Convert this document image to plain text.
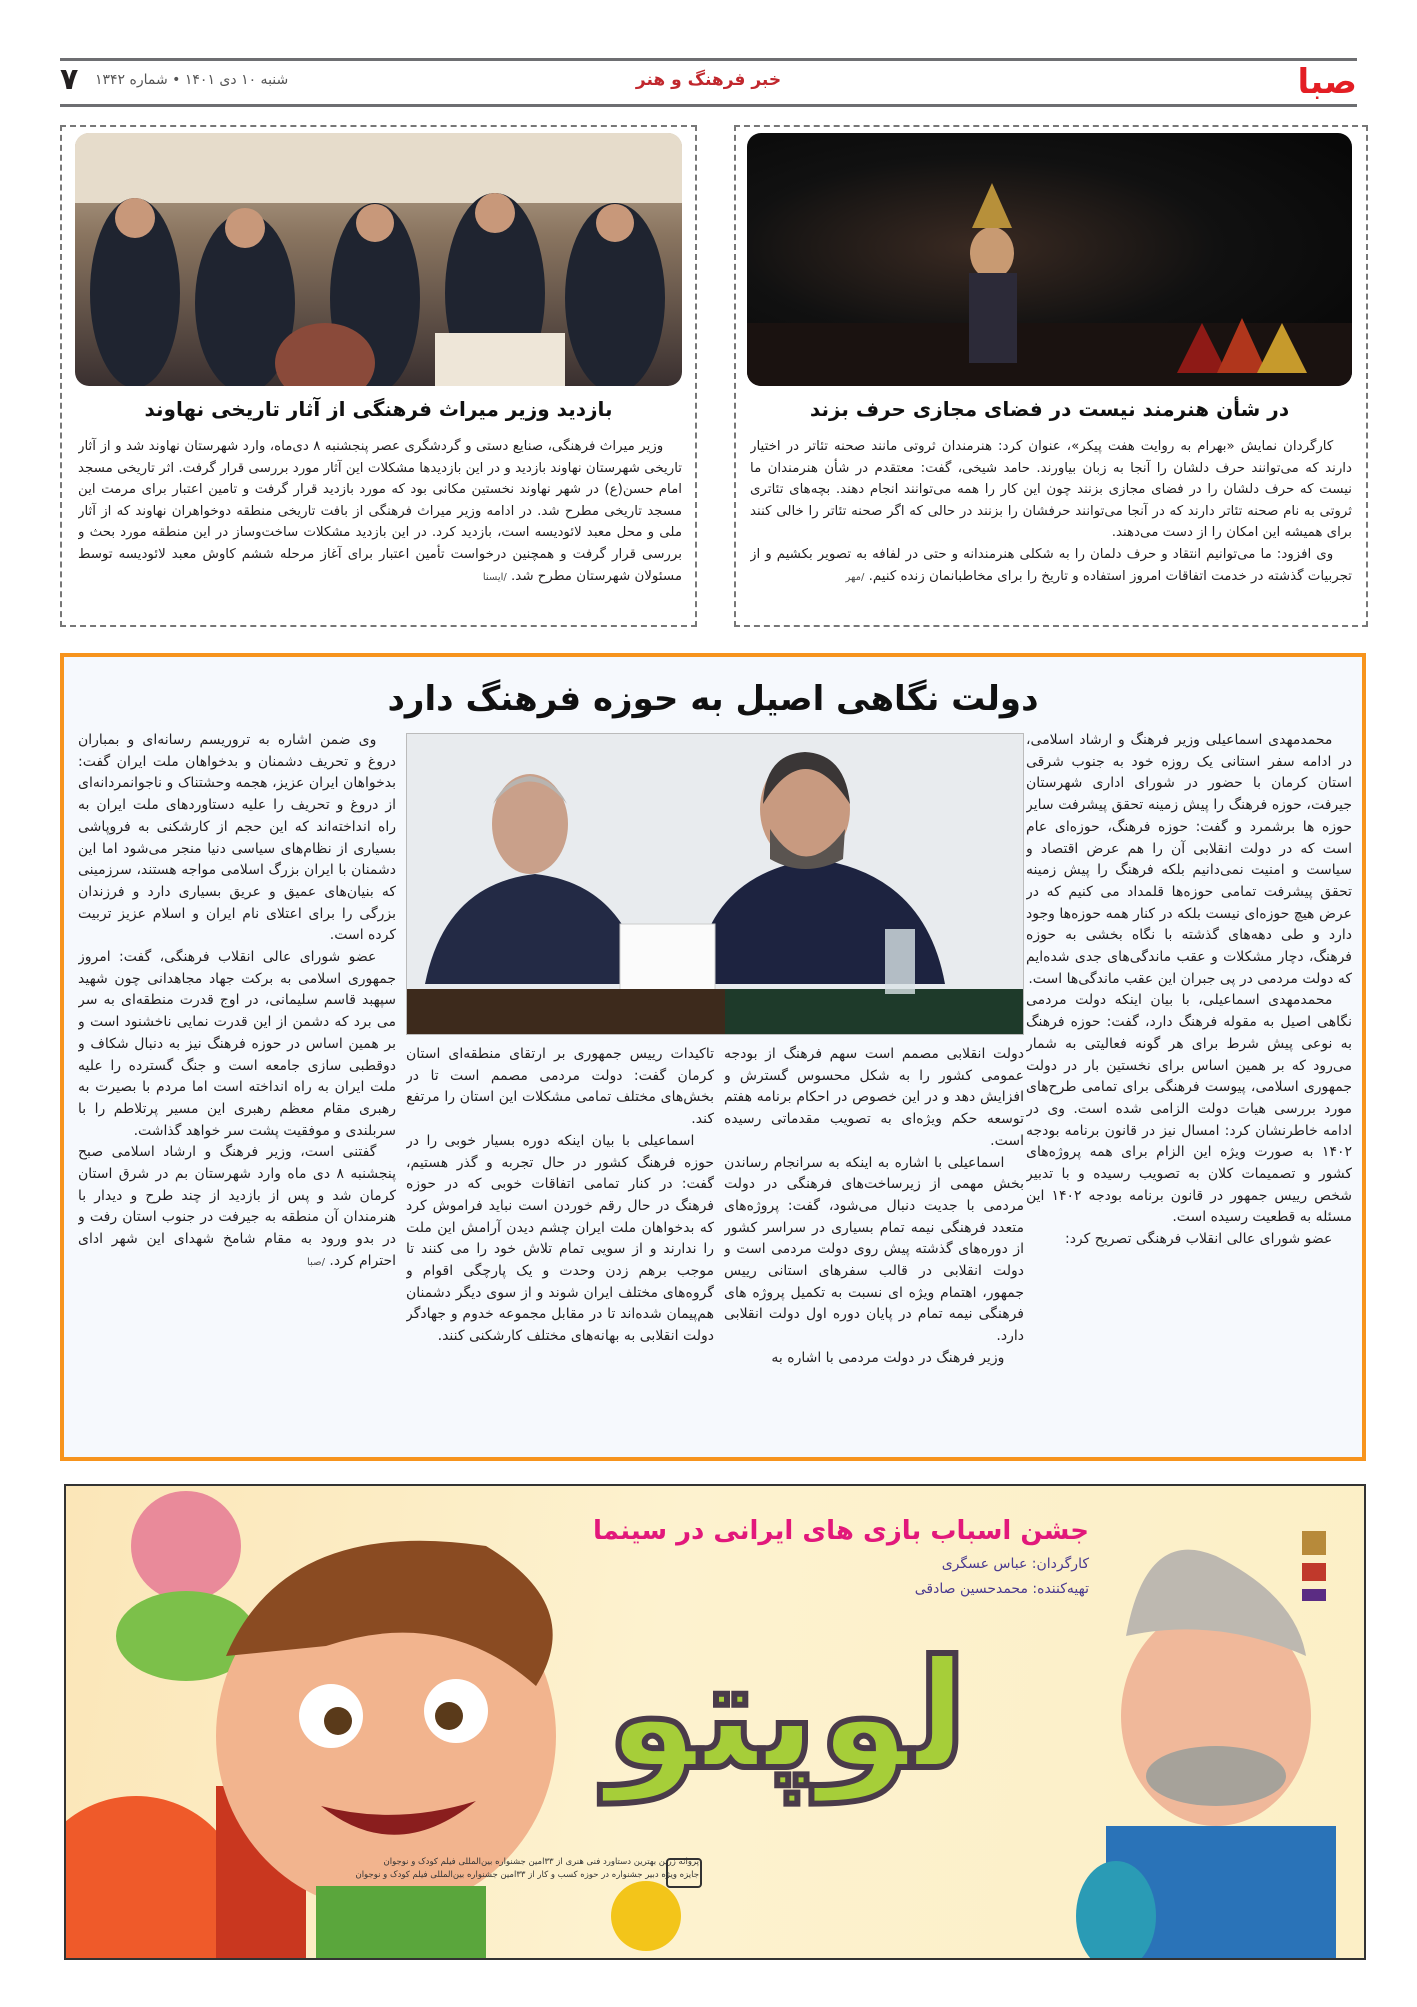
صبا
خبر فرهنگ و هنر
شنبه ۱۰ دی ۱۴۰۱ • شماره ۱۳۴۲
۷
در شأن هنرمند نیست در فضای مجازی حرف بزند

کارگردان نمایش «بهرام به روایت هفت پیکر»، عنوان کرد: هنرمندان ثروتی مانند صحنه تئاتر در اختیار دارند که می‌توانند حرف دلشان را آنجا به زبان بیاورند. حامد شیخی، گفت: معتقدم در شأن هنرمندان ما نیست که حرف دلشان را در فضای مجازی بزنند چون این کار را همه می‌توانند انجام دهند. بچه‌های تئاتری ثروتی به نام صحنه تئاتر دارند که در آنجا می‌توانند حرفشان را بزنند در حالی که اگر صحنه تئاتر را خالی کنند برای همیشه این امکان را از دست می‌دهند.

وی افزود: ما می‌توانیم انتقاد و حرف دلمان را به شکلی هنرمندانه و حتی در لفافه به تصویر بکشیم و از تجربیات گذشته در خدمت اتفاقات امروز استفاده و تاریخ را برای مخاطبانمان زنده کنیم. /مهر

بازدید وزیر میراث فرهنگی از آثار تاریخی نهاوند

وزیر میراث فرهنگی، صنایع دستی و گردشگری عصر پنجشنبه ۸ دی‌ماه، وارد شهرستان نهاوند شد و از آثار تاریخی شهرستان نهاوند بازدید و در این بازدیدها مشکلات این آثار مورد بررسی قرار گرفت. اثر تاریخی مسجد امام حسن(ع) در شهر نهاوند نخستین مکانی بود که مورد بازدید قرار گرفت و تامین اعتبار برای مرمت این مسجد تاریخی مطرح شد. در ادامه وزیر میراث فرهنگی از بافت تاریخی منطقه دوخواهران نهاوند که از آثار ملی و محل معبد لائودیسه است، بازدید کرد. در این بازدید مشکلات ساخت‌وساز در این منطقه مورد بحث و بررسی قرار گرفت و همچنین درخواست تأمین اعتبار برای آغاز مرحله ششم کاوش معبد لائودیسه توسط مسئولان شهرستان مطرح شد. /ایسنا

دولت نگاهی اصیل به حوزه فرهنگ دارد

محمدمهدی اسماعیلی وزیر فرهنگ و ارشاد اسلامی، در ادامه سفر استانی یک روزه خود به جنوب شرقی استان کرمان با حضور در شورای اداری شهرستان جیرفت، حوزه فرهنگ را پیش زمینه تحقق پیشرفت سایر حوزه ها برشمرد و گفت: حوزه فرهنگ، حوزه‌ای عام است که در دولت انقلابی آن را هم عرض اقتصاد و سیاست و امنیت نمی‌دانیم بلکه فرهنگ را پیش زمینه تحقق پیشرفت تمامی حوزه‌ها قلمداد می کنیم که در عرض هیچ حوزه‌ای نیست بلکه در کنار همه حوزه‌ها وجود دارد و طی دهه‌های گذشته با نگاه بخشی به حوزه فرهنگ، دچار مشکلات و عقب ماندگی‌های جدی شده‌ایم که دولت مردمی در پی جبران این عقب ماندگی‌ها است.

محمدمهدی اسماعیلی، با بیان اینکه دولت مردمی نگاهی اصیل به مقوله فرهنگ دارد، گفت: حوزه فرهنگ به نوعی پیش شرط برای هر گونه فعالیتی به شمار می‌رود که بر همین اساس برای نخستین بار در دولت جمهوری اسلامی، پیوست فرهنگی برای تمامی طرح‌های مورد بررسی هیات دولت الزامی شده است. وی در ادامه خاطرنشان کرد: امسال نیز در قانون برنامه بودجه ۱۴۰۲ به صورت ویژه این الزام برای همه پروژه‌های کشور و تصمیمات کلان به تصویب رسیده و با تدبیر شخص رییس جمهور در قانون برنامه بودجه ۱۴۰۲ این مسئله به قطعیت رسیده است.

عضو شورای عالی انقلاب فرهنگی تصریح کرد:

دولت انقلابی مصمم است سهم فرهنگ از بودجه عمومی کشور را به شکل محسوس گسترش و افزایش دهد و در این خصوص در احکام برنامه هفتم توسعه حکم ویژه‌ای به تصویب مقدماتی رسیده است.

اسماعیلی با اشاره به اینکه به سرانجام رساندن بخش مهمی از زیرساخت‌های فرهنگی در دولت مردمی با جدیت دنبال می‌شود، گفت: پروژه‌های متعدد فرهنگی نیمه تمام بسیاری در سراسر کشور از دوره‌های گذشته پیش روی دولت مردمی است و دولت انقلابی در قالب سفرهای استانی رییس جمهور، اهتمام ویژه ای نسبت به تکمیل پروژه های فرهنگی نیمه تمام در پایان دوره اول دولت انقلابی دارد.

وزیر فرهنگ در دولت مردمی با اشاره به

تاکیدات رییس جمهوری بر ارتقای منطقه‌ای استان کرمان گفت: دولت مردمی مصمم است تا در بخش‌های مختلف تمامی مشکلات این استان را مرتفع کند.

اسماعیلی با بیان اینکه دوره بسیار خوبی را در حوزه فرهنگ کشور در حال تجربه و گذر هستیم، گفت: در کنار تمامی اتفاقات خوبی که در حوزه فرهنگ در حال رقم خوردن است نباید فراموش کرد که بدخواهان ملت ایران چشم دیدن آرامش این ملت را ندارند و از سویی تمام تلاش خود را می کنند تا موجب برهم زدن وحدت و یک پارچگی اقوام و گروه‌های مختلف ایران شوند و از سوی دیگر دشمنان هم‌پیمان شده‌اند تا در مقابل مجموعه خدوم و جهادگر دولت انقلابی به بهانه‌های مختلف کارشکنی کنند.

وی ضمن اشاره به تروریسم رسانه‌ای و بمباران دروغ و تحریف دشمنان و بدخواهان ملت ایران گفت: بدخواهان ایران عزیز، هجمه وحشتناک و ناجوانمردانه‌ای از دروغ و تحریف را علیه دستاوردهای ملت ایران به راه انداخته‌اند که این حجم از کارشکنی به فروپاشی بسیاری از نظام‌های سیاسی دنیا منجر می‌شود اما این دشمنان با ایران بزرگ اسلامی مواجه هستند، سرزمینی که بنیان‌های عمیق و عریق بسیاری دارد و فرزندان بزرگی را برای اعتلای نام ایران و اسلام عزیز تربیت کرده است.

عضو شورای عالی انقلاب فرهنگی، گفت: امروز جمهوری اسلامی به برکت جهاد مجاهدانی چون شهید سپهبد قاسم سلیمانی، در اوج قدرت منطقه‌ای به سر می برد که دشمن از این قدرت نمایی ناخشنود است و بر همین اساس در حوزه فرهنگ نیز به دنبال شکاف و دوقطبی سازی جامعه است و جنگ گسترده را علیه ملت ایران به راه انداخته است اما مردم با بصیرت به رهبری مقام معظم رهبری این مسیر پرتلاطم را با سربلندی و موفقیت پشت سر خواهد گذاشت.

گفتنی است، وزیر فرهنگ و ارشاد اسلامی صبح پنجشنبه ۸ دی ماه وارد شهرستان بم در شرق استان کرمان شد و پس از بازدید از چند طرح و دیدار با هنرمندان آن منطقه به جیرفت در جنوب استان رفت و در بدو ورود به مقام شامخ شهدای این شهر ادای احترام کرد. /صبا

جشن اسباب بازی های ایرانی در سینما
کارگردان: عباس عسگری
تهیه‌کننده: محمدحسین صادقی
لوپتو
پروانه زرین بهترین دستاورد فنی هنری از ۳۳امین جشنواره بین‌المللی فیلم کودک و نوجوان
جایزه ویژه دبیر جشنواره در حوزه کسب و کار از ۳۳امین جشنواره بین‌المللی فیلم کودک و نوجوان
